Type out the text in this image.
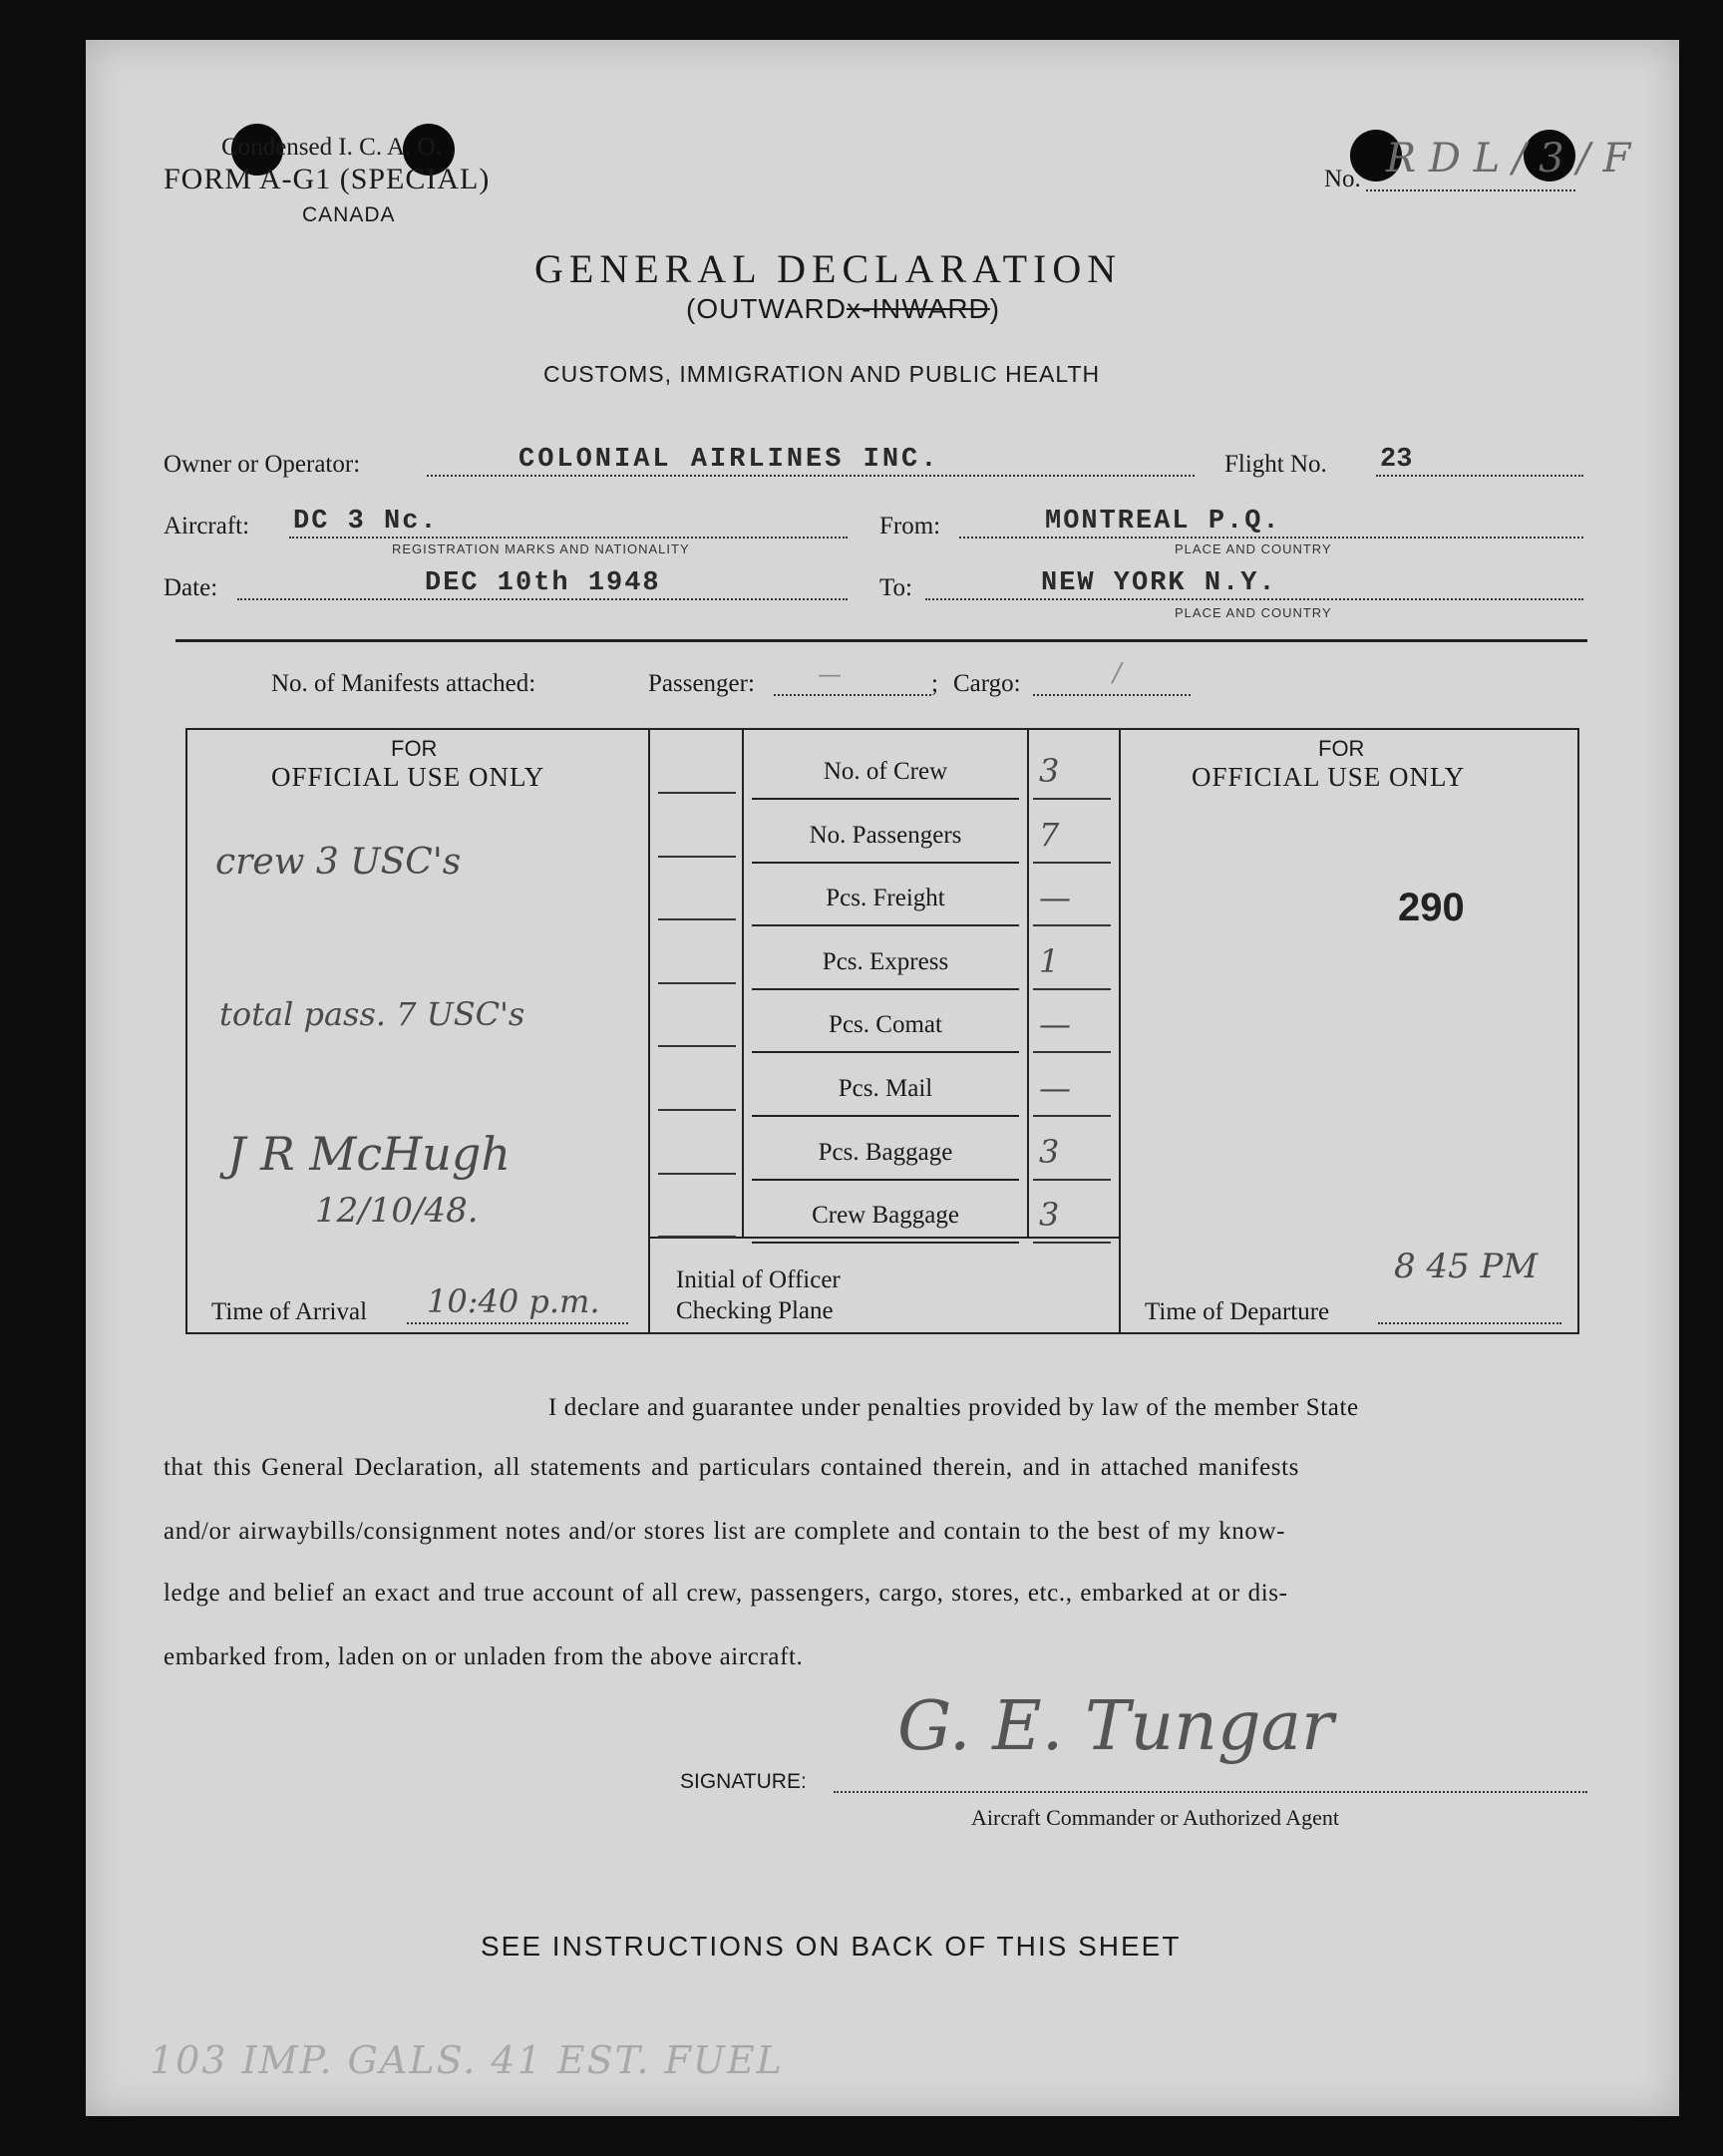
Condensed I. C. A. O.
FORM A-G1 (SPECIAL)
CANADA
No. R D L / 3 / F
GENERAL DECLARATION
(OUTWARDx-INWARD)
CUSTOMS, IMMIGRATION AND PUBLIC HEALTH
Owner or Operator:	COLONIAL AIRLINES INC.	Flight No. 23
Aircraft: DC 3 Nc.
REGISTRATION MARKS AND NATIONALITY
From:	MONTREAL P.Q.
PLACE AND COUNTRY
Date:	DEC 10th 1948	To:	NEW YORK N.Y.
PLACE AND COUNTRY
No. of Manifests attached:	Passenger:	—	; Cargo:	/
FOR
OFFICIAL USE ONLY
crew 3 USC's
total pass. 7 USC's
J R McHugh
12/10/48.
Time of Arrival 10:40 p.m.
No. of Crew	3
No. Passengers	7
Pcs. Freight	—
Pcs. Express	1
Pcs. Comat	—
Pcs. Mail	—
Pcs. Baggage	3
Crew Baggage	3
Initial of Officer
Checking Plane
FOR
OFFICIAL USE ONLY
290
Time of Departure
8 45 PM
I declare and guarantee under penalties provided by law of the member State
that this General Declaration, all statements and particulars contained therein, and in attached manifests
and/or airwaybills/consignment notes and/or stores list are complete and contain to the best of my know-
ledge and belief an exact and true account of all crew, passengers, cargo, stores, etc., embarked at or dis-
embarked from, laden on or unladen from the above aircraft.
SIGNATURE:
G. E. Tungar
Aircraft Commander or Authorized Agent
SEE INSTRUCTIONS ON BACK OF THIS SHEET
103 IMP. GALS. 41 EST. FUEL
